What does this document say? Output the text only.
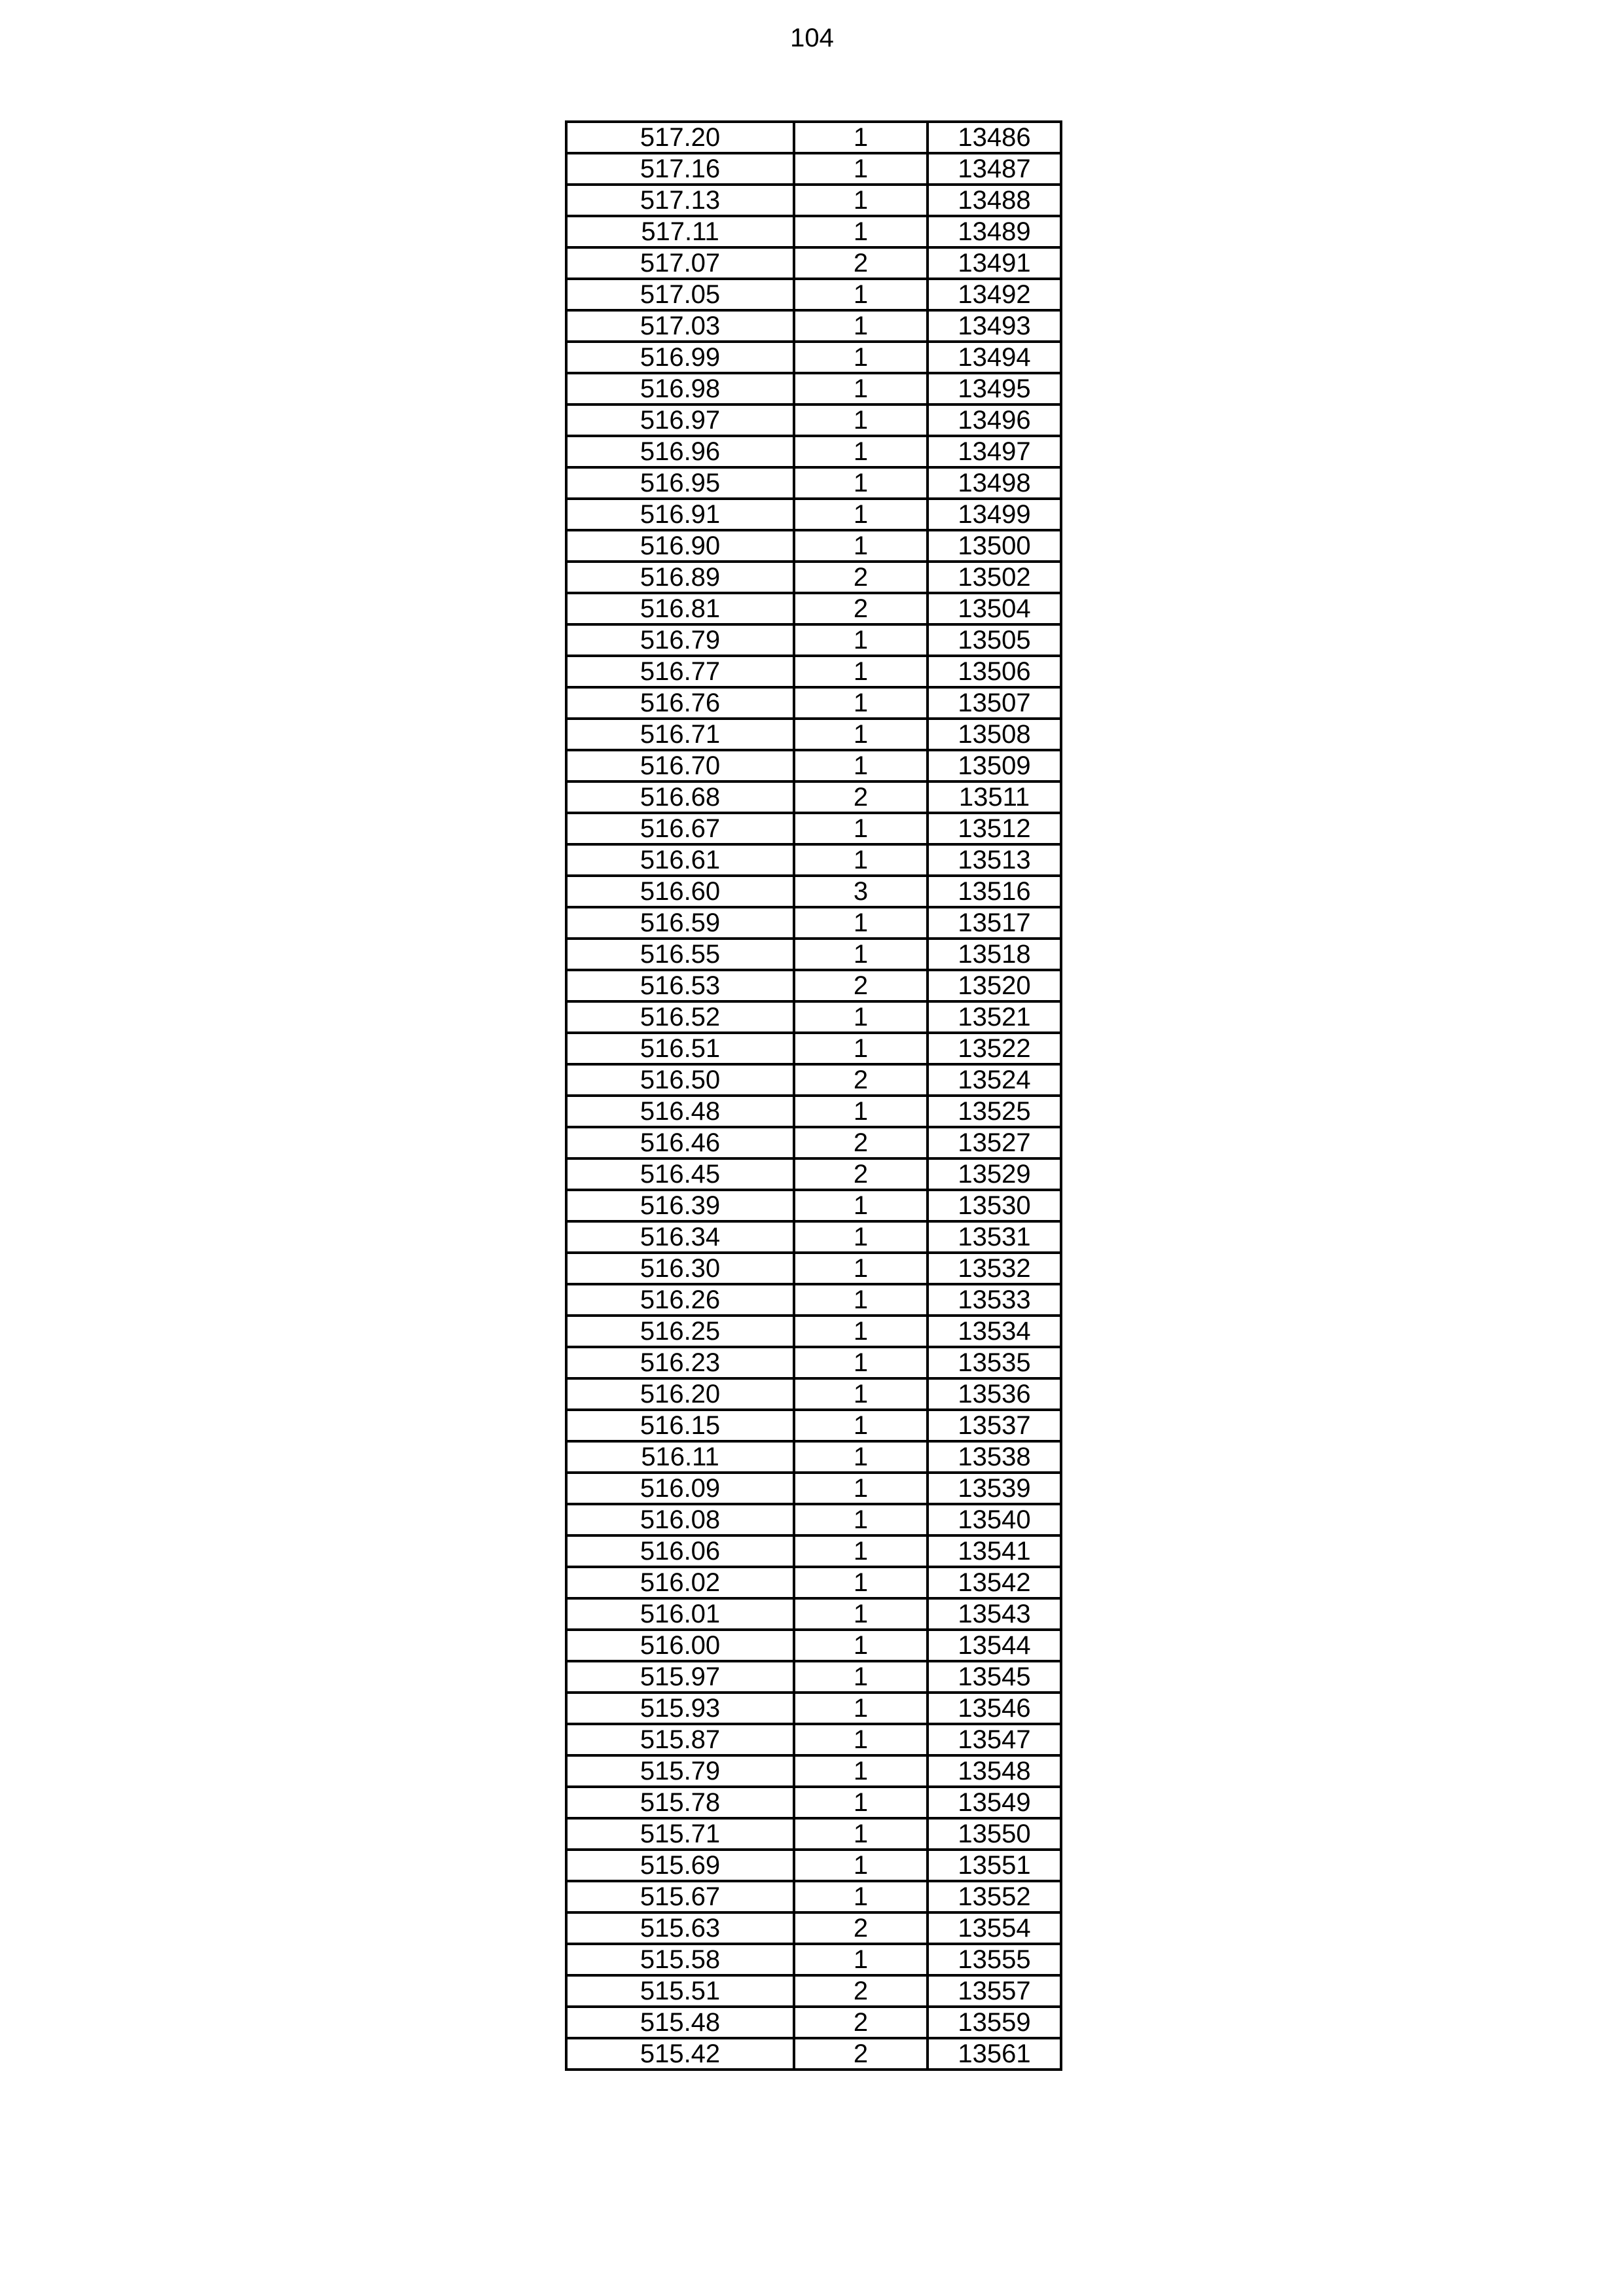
104
517.20	1	13486
517.16	1	13487
517.13	1	13488
517.11	1	13489
517.07	2	13491
517.05	1	13492
517.03	1	13493
516.99	1	13494
516.98	1	13495
516.97	1	13496
516.96	1	13497
516.95	1	13498
516.91	1	13499
516.90	1	13500
516.89	2	13502
516.81	2	13504
516.79	1	13505
516.77	1	13506
516.76	1	13507
516.71	1	13508
516.70	1	13509
516.68	2	13511
516.67	1	13512
516.61	1	13513
516.60	3	13516
516.59	1	13517
516.55	1	13518
516.53	2	13520
516.52	1	13521
516.51	1	13522
516.50	2	13524
516.48	1	13525
516.46	2	13527
516.45	2	13529
516.39	1	13530
516.34	1	13531
516.30	1	13532
516.26	1	13533
516.25	1	13534
516.23	1	13535
516.20	1	13536
516.15	1	13537
516.11	1	13538
516.09	1	13539
516.08	1	13540
516.06	1	13541
516.02	1	13542
516.01	1	13543
516.00	1	13544
515.97	1	13545
515.93	1	13546
515.87	1	13547
515.79	1	13548
515.78	1	13549
515.71	1	13550
515.69	1	13551
515.67	1	13552
515.63	2	13554
515.58	1	13555
515.51	2	13557
515.48	2	13559
515.42	2	13561
